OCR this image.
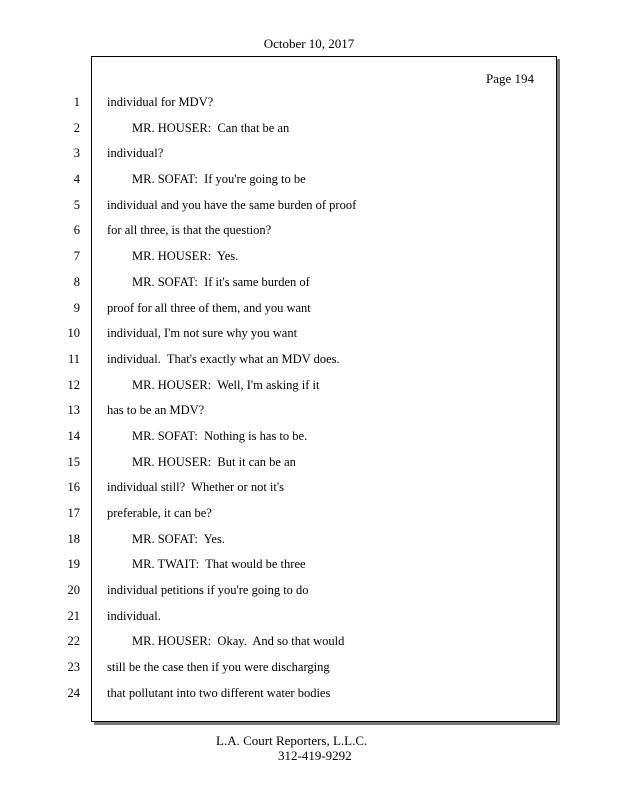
October 10, 2017
Page 194
1 individual for MDV?
2 MR. HOUSER:  Can that be an
3 individual?
4 MR. SOFAT:  If you're going to be
5 individual and you have the same burden of proof
6 for all three, is that the question?
7 MR. HOUSER:  Yes.
8 MR. SOFAT:  If it's same burden of
9 proof for all three of them, and you want
10 individual, I'm not sure why you want
11 individual.  That's exactly what an MDV does.
12 MR. HOUSER:  Well, I'm asking if it
13 has to be an MDV?
14 MR. SOFAT:  Nothing is has to be.
15 MR. HOUSER:  But it can be an
16 individual still?  Whether or not it's
17 preferable, it can be?
18 MR. SOFAT:  Yes.
19 MR. TWAIT:  That would be three
20 individual petitions if you're going to do
21 individual.
22 MR. HOUSER:  Okay.  And so that would
23 still be the case then if you were discharging
24 that pollutant into two different water bodies
L.A. Court Reporters, L.L.C.
312-419-9292
